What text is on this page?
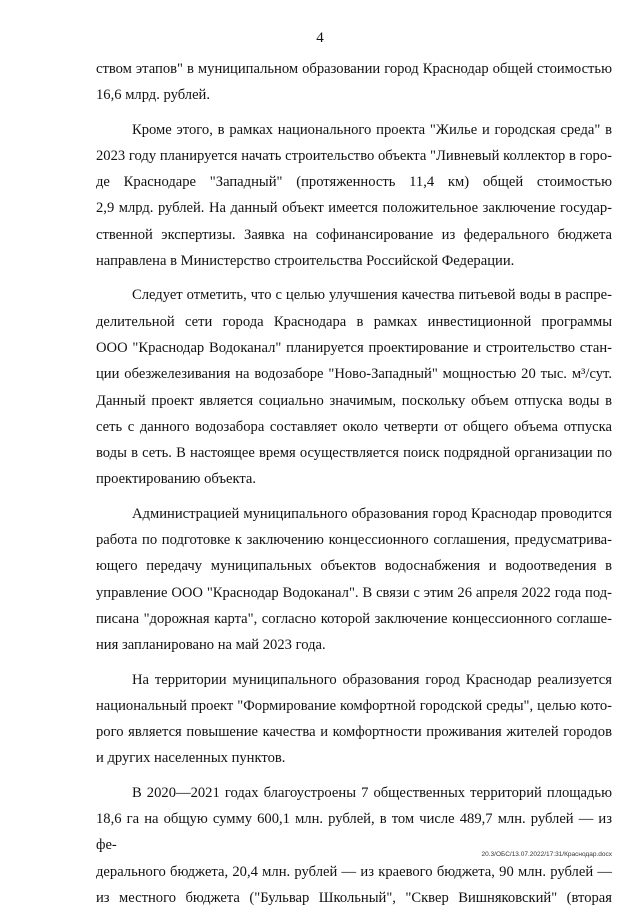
4
ством этапов" в муниципальном образовании город Краснодар общей стоимостью
16,6 млрд. рублей.
Кроме этого, в рамках национального проекта "Жилье и городская среда" в
2023 году планируется начать строительство объекта "Ливневый коллектор в горо-
де Краснодаре "Западный" (протяженность 11,4 км) общей стоимостью
2,9 млрд. рублей. На данный объект имеется положительное заключение государ-
ственной экспертизы. Заявка на софинансирование из федерального бюджета
направлена в Министерство строительства Российской Федерации.
Следует отметить, что с целью улучшения качества питьевой воды в распре-
делительной сети города Краснодара в рамках инвестиционной программы
ООО "Краснодар Водоканал" планируется проектирование и строительство стан-
ции обезжелезивания на водозаборе "Ново-Западный" мощностью 20 тыс. м³/сут.
Данный проект является социально значимым, поскольку объем отпуска воды в
сеть с данного водозабора составляет около четверти от общего объема отпуска
воды в сеть. В настоящее время осуществляется поиск подрядной организации по
проектированию объекта.
Администрацией муниципального образования город Краснодар проводится
работа по подготовке к заключению концессионного соглашения, предусматрива-
ющего передачу муниципальных объектов водоснабжения и водоотведения в
управление ООО "Краснодар Водоканал". В связи с этим 26 апреля 2022 года под-
писана "дорожная карта", согласно которой заключение концессионного соглаше-
ния запланировано на май 2023 года.
На территории муниципального образования город Краснодар реализуется
национальный проект "Формирование комфортной городской среды", целью кото-
рого является повышение качества и комфортности проживания жителей городов
и других населенных пунктов.
В 2020—2021 годах благоустроены 7 общественных территорий площадью
18,6 га на общую сумму 600,1 млн. рублей, в том числе 489,7 млн. рублей — из фе-
дерального бюджета, 20,4 млн. рублей — из краевого бюджета, 90 млн. рублей —
из местного бюджета ("Бульвар Школьный", "Сквер Вишняковский" (вторая
20.3/ОБС/13.07.2022/17:31/Краснодар.docx
